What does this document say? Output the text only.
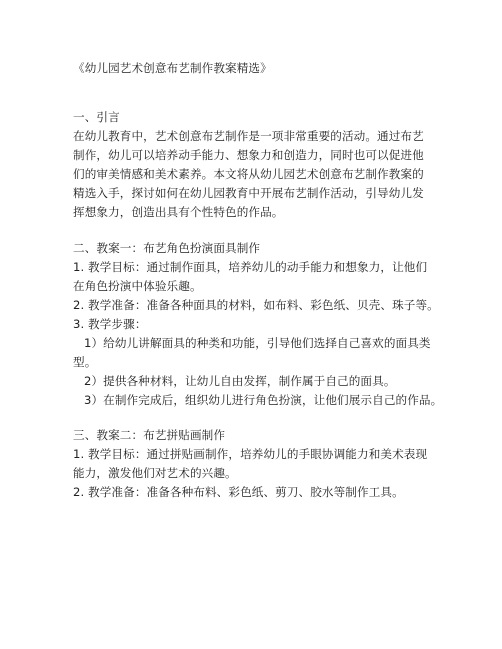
《幼儿园艺术创意布艺制作教案精选》
一、引言
在幼儿教育中，艺术创意布艺制作是一项非常重要的活动。通过布艺
制作，幼儿可以培养动手能力、想象力和创造力，同时也可以促进他
们的审美情感和美术素养。本文将从幼儿园艺术创意布艺制作教案的
精选入手，探讨如何在幼儿园教育中开展布艺制作活动，引导幼儿发
挥想象力，创造出具有个性特色的作品。
二、教案一：布艺角色扮演面具制作
1. 教学目标：通过制作面具，培养幼儿的动手能力和想象力，让他们
在角色扮演中体验乐趣。
2. 教学准备：准备各种面具的材料，如布料、彩色纸、贝壳、珠子等。
3. 教学步骤：
1）给幼儿讲解面具的种类和功能，引导他们选择自己喜欢的面具类
型。
2）提供各种材料，让幼儿自由发挥，制作属于自己的面具。
3）在制作完成后，组织幼儿进行角色扮演，让他们展示自己的作品。
三、教案二：布艺拼贴画制作
1. 教学目标：通过拼贴画制作，培养幼儿的手眼协调能力和美术表现
能力，激发他们对艺术的兴趣。
2. 教学准备：准备各种布料、彩色纸、剪刀、胶水等制作工具。
